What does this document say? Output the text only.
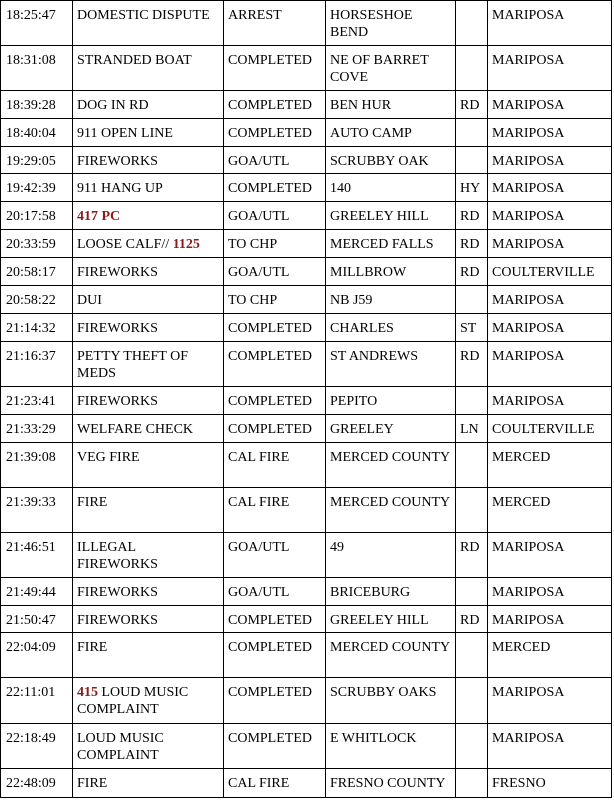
18:25:47	DOMESTIC DISPUTE	ARREST	HORSESHOE BEND		MARIPOSA
18:31:08	STRANDED BOAT	COMPLETED	NE OF BARRET COVE		MARIPOSA
18:39:28	DOG IN RD	COMPLETED	BEN HUR	RD	MARIPOSA
18:40:04	911 OPEN LINE	COMPLETED	AUTO CAMP		MARIPOSA
19:29:05	FIREWORKS	GOA/UTL	SCRUBBY OAK		MARIPOSA
19:42:39	911 HANG UP	COMPLETED	140	HY	MARIPOSA
20:17:58	417 PC	GOA/UTL	GREELEY HILL	RD	MARIPOSA
20:33:59	LOOSE CALF// 1125	TO CHP	MERCED FALLS	RD	MARIPOSA
20:58:17	FIREWORKS	GOA/UTL	MILLBROW	RD	COULTERVILLE
20:58:22	DUI	TO CHP	NB J59		MARIPOSA
21:14:32	FIREWORKS	COMPLETED	CHARLES	ST	MARIPOSA
21:16:37	PETTY THEFT OF MEDS	COMPLETED	ST ANDREWS	RD	MARIPOSA
21:23:41	FIREWORKS	COMPLETED	PEPITO		MARIPOSA
21:33:29	WELFARE CHECK	COMPLETED	GREELEY	LN	COULTERVILLE
21:39:08	VEG FIRE	CAL FIRE	MERCED COUNTY		MERCED
21:39:33	FIRE	CAL FIRE	MERCED COUNTY		MERCED
21:46:51	ILLEGAL FIREWORKS	GOA/UTL	49	RD	MARIPOSA
21:49:44	FIREWORKS	GOA/UTL	BRICEBURG		MARIPOSA
21:50:47	FIREWORKS	COMPLETED	GREELEY HILL	RD	MARIPOSA
22:04:09	FIRE	COMPLETED	MERCED COUNTY		MERCED
22:11:01	415 LOUD MUSIC COMPLAINT	COMPLETED	SCRUBBY OAKS		MARIPOSA
22:18:49	LOUD MUSIC COMPLAINT	COMPLETED	E WHITLOCK		MARIPOSA
22:48:09	FIRE	CAL FIRE	FRESNO COUNTY		FRESNO
